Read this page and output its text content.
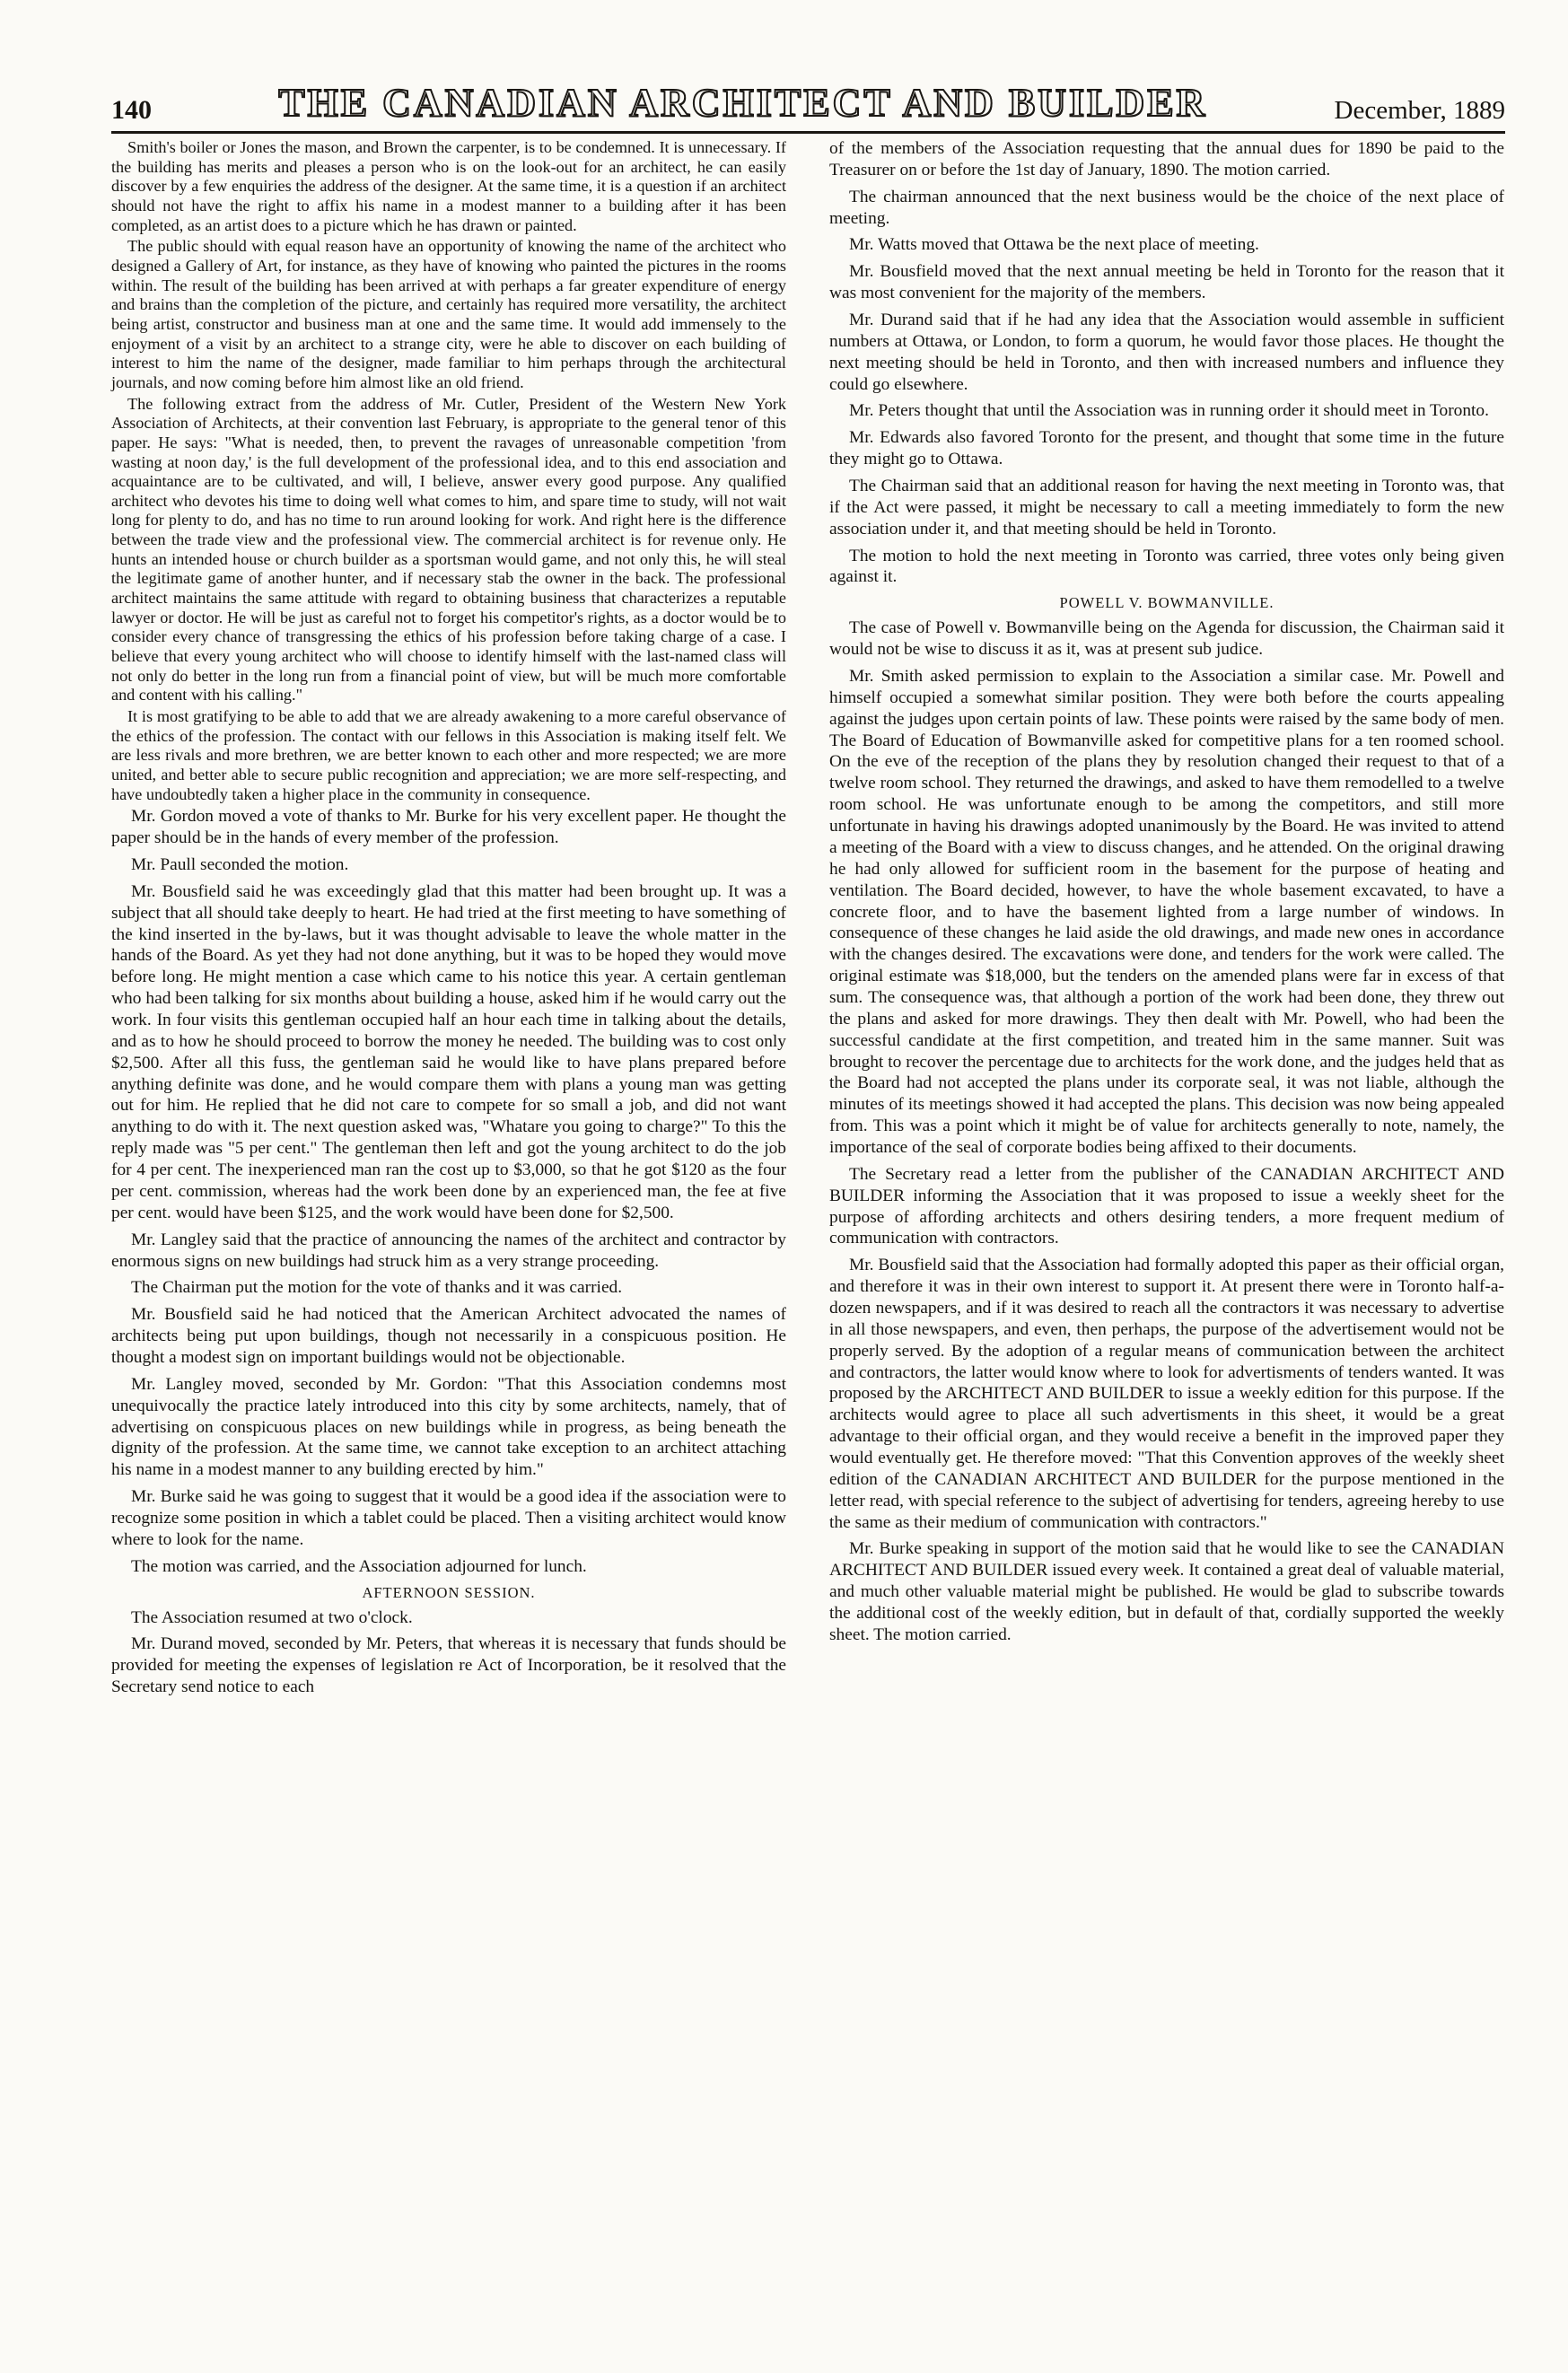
140	THE CANADIAN ARCHITECT AND BUILDER	December, 1889

Smith's boiler or Jones the mason, and Brown the carpenter, is to be condemned. It is unnecessary. If the building has merits and pleases a person who is on the look-out for an architect, he can easily discover by a few enquiries the address of the designer. At the same time, it is a question if an architect should not have the right to affix his name in a modest manner to a building after it has been completed, as an artist does to a picture which he has drawn or painted.

The public should with equal reason have an opportunity of knowing the name of the architect who designed a Gallery of Art, for instance, as they have of knowing who painted the pictures in the rooms within. The result of the building has been arrived at with perhaps a far greater expenditure of energy and brains than the completion of the picture, and certainly has required more versatility, the architect being artist, constructor and business man at one and the same time. It would add immensely to the enjoyment of a visit by an architect to a strange city, were he able to discover on each building of interest to him the name of the designer, made familiar to him perhaps through the architectural journals, and now coming before him almost like an old friend.

The following extract from the address of Mr. Cutler, President of the Western New York Association of Architects, at their convention last February, is appropriate to the general tenor of this paper. He says: "What is needed, then, to prevent the ravages of unreasonable competition 'from wasting at noon day,' is the full development of the professional idea, and to this end association and acquaintance are to be cultivated, and will, I believe, answer every good purpose. Any qualified architect who devotes his time to doing well what comes to him, and spare time to study, will not wait long for plenty to do, and has no time to run around looking for work. And right here is the difference between the trade view and the professional view. The commercial architect is for revenue only. He hunts an intended house or church builder as a sportsman would game, and not only this, he will steal the legitimate game of another hunter, and if necessary stab the owner in the back. The professional architect maintains the same attitude with regard to obtaining business that characterizes a reputable lawyer or doctor. He will be just as careful not to forget his competitor's rights, as a doctor would be to consider every chance of transgressing the ethics of his profession before taking charge of a case. I believe that every young architect who will choose to identify himself with the last-named class will not only do better in the long run from a financial point of view, but will be much more comfortable and content with his calling."

It is most gratifying to be able to add that we are already awakening to a more careful observance of the ethics of the profession. The contact with our fellows in this Association is making itself felt. We are less rivals and more brethren, we are better known to each other and more respected; we are more united, and better able to secure public recognition and appreciation; we are more self-respecting, and have undoubtedly taken a higher place in the community in consequence.

Mr. Gordon moved a vote of thanks to Mr. Burke for his very excellent paper. He thought the paper should be in the hands of every member of the profession.

Mr. Paull seconded the motion.

Mr. Bousfield said he was exceedingly glad that this matter had been brought up. It was a subject that all should take deeply to heart. He had tried at the first meeting to have something of the kind inserted in the by-laws, but it was thought advisable to leave the whole matter in the hands of the Board. As yet they had not done anything, but it was to be hoped they would move before long. He might mention a case which came to his notice this year. A certain gentleman who had been talking for six months about building a house, asked him if he would carry out the work. In four visits this gentleman occupied half an hour each time in talking about the details, and as to how he should proceed to borrow the money he needed. The building was to cost only $2,500. After all this fuss, the gentleman said he would like to have plans prepared before anything definite was done, and he would compare them with plans a young man was getting out for him. He replied that he did not care to compete for so small a job, and did not want anything to do with it. The next question asked was, "Whatare you going to charge?" To this the reply made was "5 per cent." The gentleman then left and got the young architect to do the job for 4 per cent. The inexperienced man ran the cost up to $3,000, so that he got $120 as the four per cent. commission, whereas had the work been done by an experienced man, the fee at five per cent. would have been $125, and the work would have been done for $2,500.

Mr. Langley said that the practice of announcing the names of the architect and contractor by enormous signs on new buildings had struck him as a very strange proceeding.

The Chairman put the motion for the vote of thanks and it was carried.

Mr. Bousfield said he had noticed that the American Architect advocated the names of architects being put upon buildings, though not necessarily in a conspicuous position. He thought a modest sign on important buildings would not be objectionable.

Mr. Langley moved, seconded by Mr. Gordon: "That this Association condemns most unequivocally the practice lately introduced into this city by some architects, namely, that of advertising on conspicuous places on new buildings while in progress, as being beneath the dignity of the profession. At the same time, we cannot take exception to an architect attaching his name in a modest manner to any building erected by him."

Mr. Burke said he was going to suggest that it would be a good idea if the association were to recognize some position in which a tablet could be placed. Then a visiting architect would know where to look for the name.

The motion was carried, and the Association adjourned for lunch.

AFTERNOON SESSION.

The Association resumed at two o'clock.

Mr. Durand moved, seconded by Mr. Peters, that whereas it is necessary that funds should be provided for meeting the expenses of legislation re Act of Incorporation, be it resolved that the Secretary send notice to each

of the members of the Association requesting that the annual dues for 1890 be paid to the Treasurer on or before the 1st day of January, 1890. The motion carried.

The chairman announced that the next business would be the choice of the next place of meeting.

Mr. Watts moved that Ottawa be the next place of meeting.

Mr. Bousfield moved that the next annual meeting be held in Toronto for the reason that it was most convenient for the majority of the members.

Mr. Durand said that if he had any idea that the Association would assemble in sufficient numbers at Ottawa, or London, to form a quorum, he would favor those places. He thought the next meeting should be held in Toronto, and then with increased numbers and influence they could go elsewhere.

Mr. Peters thought that until the Association was in running order it should meet in Toronto.

Mr. Edwards also favored Toronto for the present, and thought that some time in the future they might go to Ottawa.

The Chairman said that an additional reason for having the next meeting in Toronto was, that if the Act were passed, it might be necessary to call a meeting immediately to form the new association under it, and that meeting should be held in Toronto.

The motion to hold the next meeting in Toronto was carried, three votes only being given against it.

POWELL V. BOWMANVILLE.

The case of Powell v. Bowmanville being on the Agenda for discussion, the Chairman said it would not be wise to discuss it as it, was at present sub judice.

Mr. Smith asked permission to explain to the Association a similar case. Mr. Powell and himself occupied a somewhat similar position. They were both before the courts appealing against the judges upon certain points of law. These points were raised by the same body of men. The Board of Education of Bowmanville asked for competitive plans for a ten roomed school. On the eve of the reception of the plans they by resolution changed their request to that of a twelve room school. They returned the drawings, and asked to have them remodelled to a twelve room school. He was unfortunate enough to be among the competitors, and still more unfortunate in having his drawings adopted unanimously by the Board. He was invited to attend a meeting of the Board with a view to discuss changes, and he attended. On the original drawing he had only allowed for sufficient room in the basement for the purpose of heating and ventilation. The Board decided, however, to have the whole basement excavated, to have a concrete floor, and to have the basement lighted from a large number of windows. In consequence of these changes he laid aside the old drawings, and made new ones in accordance with the changes desired. The excavations were done, and tenders for the work were called. The original estimate was $18,000, but the tenders on the amended plans were far in excess of that sum. The consequence was, that although a portion of the work had been done, they threw out the plans and asked for more drawings. They then dealt with Mr. Powell, who had been the successful candidate at the first competition, and treated him in the same manner. Suit was brought to recover the percentage due to architects for the work done, and the judges held that as the Board had not accepted the plans under its corporate seal, it was not liable, although the minutes of its meetings showed it had accepted the plans. This decision was now being appealed from. This was a point which it might be of value for architects generally to note, namely, the importance of the seal of corporate bodies being affixed to their documents.

The Secretary read a letter from the publisher of the CANADIAN ARCHITECT AND BUILDER informing the Association that it was proposed to issue a weekly sheet for the purpose of affording architects and others desiring tenders, a more frequent medium of communication with contractors.

Mr. Bousfield said that the Association had formally adopted this paper as their official organ, and therefore it was in their own interest to support it. At present there were in Toronto half-a-dozen newspapers, and if it was desired to reach all the contractors it was necessary to advertise in all those newspapers, and even, then perhaps, the purpose of the advertisement would not be properly served. By the adoption of a regular means of communication between the architect and contractors, the latter would know where to look for advertisments of tenders wanted. It was proposed by the ARCHITECT AND BUILDER to issue a weekly edition for this purpose. If the architects would agree to place all such advertisments in this sheet, it would be a great advantage to their official organ, and they would receive a benefit in the improved paper they would eventually get. He therefore moved: "That this Convention approves of the weekly sheet edition of the CANADIAN ARCHITECT AND BUILDER for the purpose mentioned in the letter read, with special reference to the subject of advertising for tenders, agreeing hereby to use the same as their medium of communication with contractors."

Mr. Burke speaking in support of the motion said that he would like to see the CANADIAN ARCHITECT AND BUILDER issued every week. It contained a great deal of valuable material, and much other valuable material might be published. He would be glad to subscribe towards the additional cost of the weekly edition, but in default of that, cordially supported the weekly sheet. The motion carried.
